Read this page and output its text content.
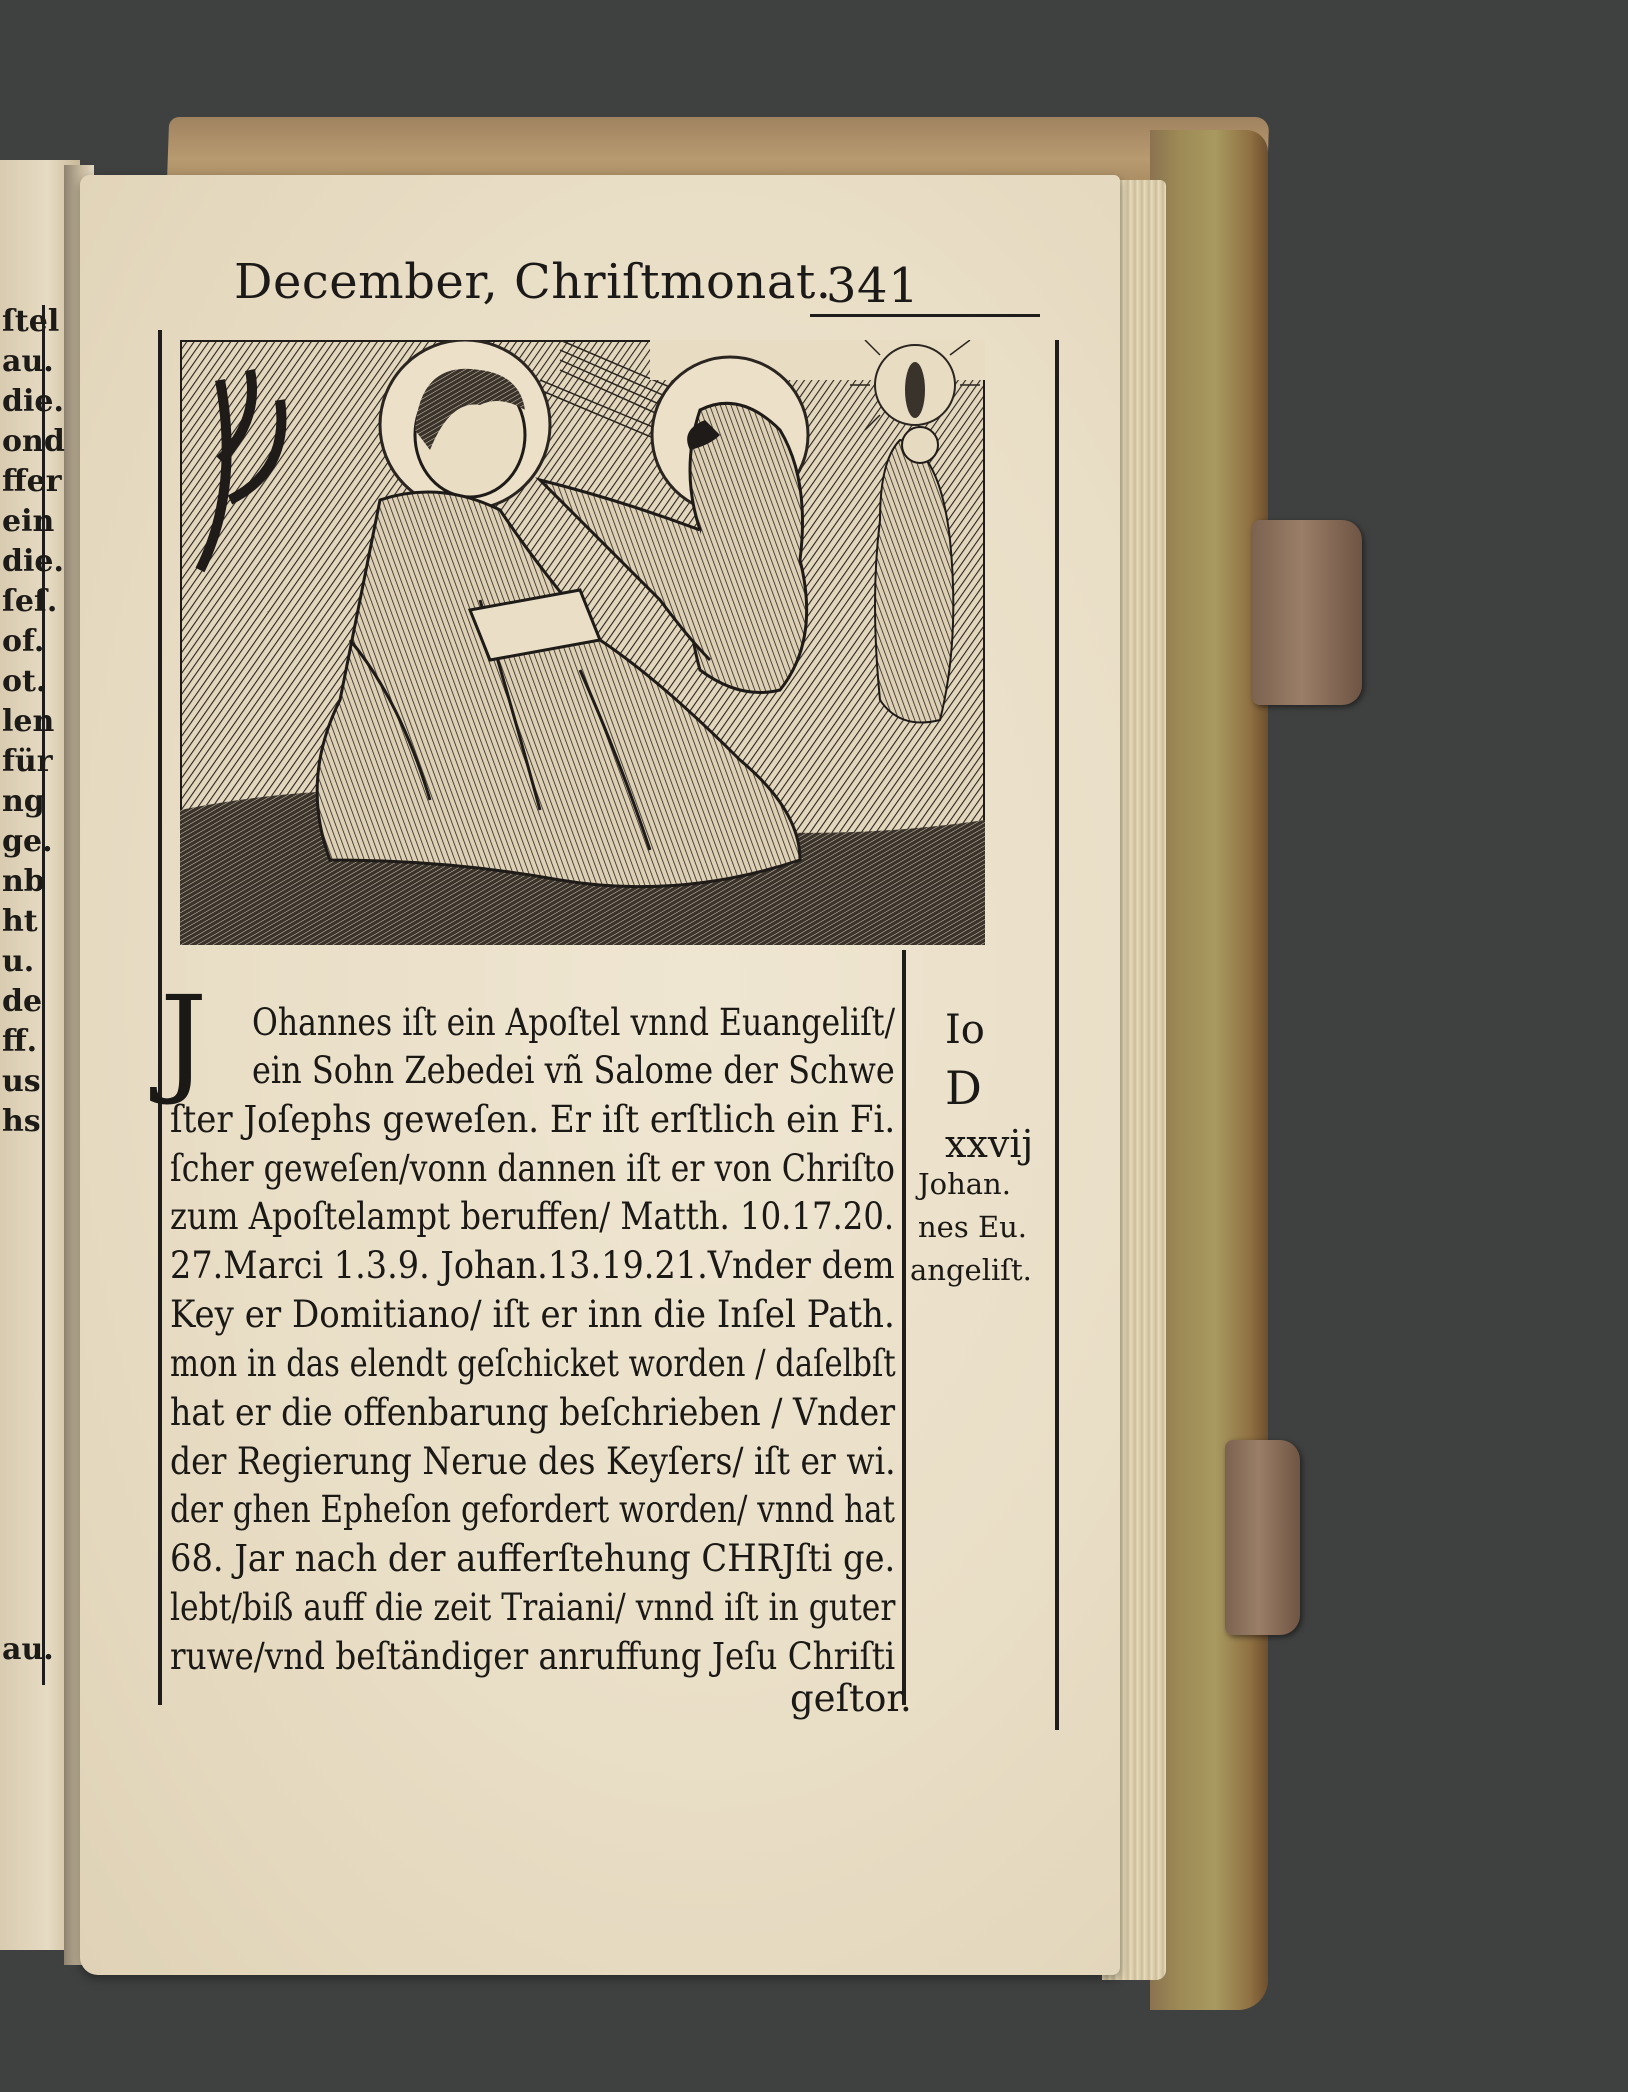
ſtel
au.
die.
ond
ffer
ein
die.
ſeſ.
of.
ot.
len
für
ng
ge.
nb
ht
u.
de
ff.
us
hs
au.
December, Chriſtmonat.
341
J Ohannes iſt ein Apoſtel vnnd Euangeliſt/
ein Sohn Zebedei vñ Salome der Schwe
ſter Joſephs geweſen. Er iſt erſtlich ein Fi.
ſcher geweſen/vonn dannen iſt er von Chriſto
zum Apoſtelampt beruffen/ Matth. 10.17.20.
27.Marci 1.3.9. Johan.13.19.21.Vnder dem
Key er Domitiano/ iſt er inn die Inſel Path.
mon in das elendt geſchicket worden / daſelbſt
hat er die offenbarung beſchrieben / Vnder
der Regierung Nerue des Keyſers/ iſt er wi.
der ghen Epheſon gefordert worden/ vnnd hat
68. Jar nach der aufferſtehung CHRJſti ge.
lebt/biß auff die zeit Traiani/ vnnd iſt in guter
ruwe/vnd beſtändiger anruffung Jeſu Chriſti
geſtor.
Io
D
xxvij
Johan.
nes Eu.
angeliſt.
